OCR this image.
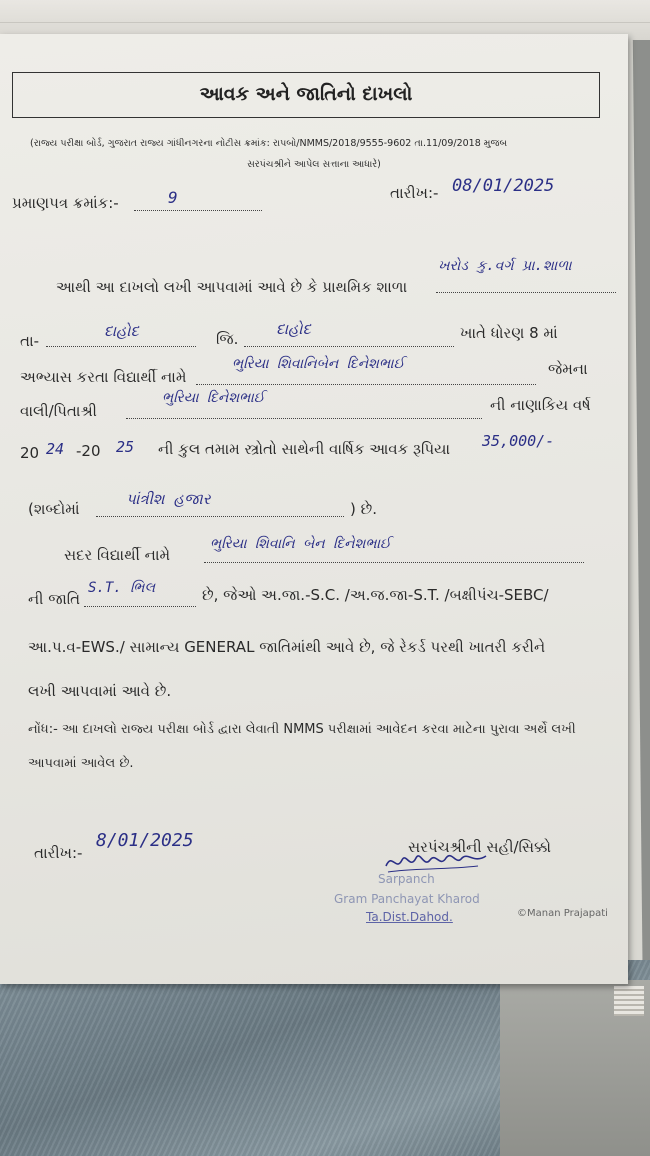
આવક અને જાતિનો દાખલો
(રાજ્ય પરીક્ષા બોર્ડ, ગુજરાત રાજ્ય ગાંધીનગરના નોટીસ ક્રમાંક: રાપબો/NMMS/2018/9555-9602 તા.11/09/2018 મુજબ
સરપંચશ્રીને આપેલ સત્તાના આધારે)
પ્રમાણપત્ર ક્રમાંક:-	9	તારીખ:- 08/01/2025
આથી આ દાખલો લખી આપવામાં આવે છે કે પ્રાથમિક શાળા
ખરોડ કુ.વર્ગ પ્રા.શાળા
તા-
દાહોદ	જિ.
દાહોદ	ખાતે ધોરણ 8 માં
અભ્યાસ કરતા વિદ્યાર્થી નામે
ભુરિયા શિવાનિબેન દિનેશભાઈ	જેમના
વાલી/પિતાશ્રી
ભુરિયા દિનેશભાઈ	ની નાણાકિય વર્ષ
20 24 -20 25 ની કુલ તમામ સ્ત્રોતો સાથેની વાર્ષિક આવક રૂપિયા 35,000/-
(શબ્દોમાં
પાંત્રીશ હજાર
) છે.
સદર વિદ્યાર્થી નામે
ભુરિયા શિવાનિ બેન દિનેશભાઈ
ની જાતિ
S.T. ભિલ	છે, જેઓ અ.જા.-S.C. /અ.જ.જા-S.T. /બક્ષીપંચ-SEBC/
આ.પ.વ-EWS./ સામાન્ય GENERAL જાતિમાંથી આવે છે, જે રેકર્ડ પરથી ખાતરી કરીને
લખી આપવામાં આવે છે.
નોંધ:- આ દાખલો રાજ્ય પરીક્ષા બોર્ડ દ્વારા લેવાતી NMMS પરીક્ષામાં આવેદન કરવા માટેના પુરાવા અર્થે લખી
આપવામાં આવેલ છે.
તારીખ:-
8/01/2025	સરપંચશ્રીની સહી/સિક્કો
Sarpanch
Gram Panchayat Kharod
Ta.Dist.Dahod.	©Manan Prajapati
